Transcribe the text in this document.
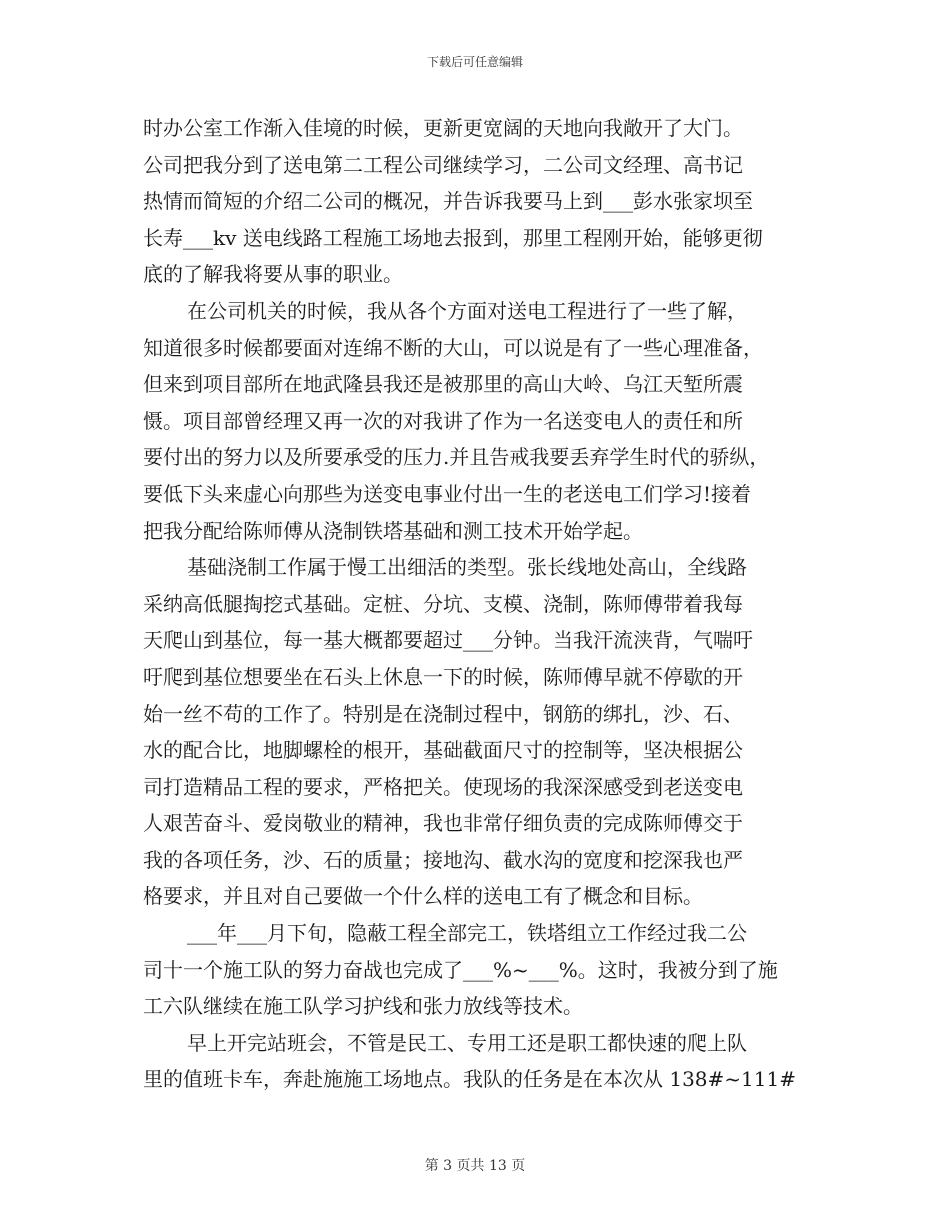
下载后可任意编辑
时办公室工作渐入佳境的时候，更新更宽阔的天地向我敞开了大门。
公司把我分到了送电第二工程公司继续学习，二公司文经理、高书记
热情而简短的介绍二公司的概况，并告诉我要马上到___彭水张家坝至
长寿___kv 送电线路工程施工场地去报到，那里工程刚开始，能够更彻
底的了解我将要从事的职业。
在公司机关的时候，我从各个方面对送电工程进行了一些了解，
知道很多时候都要面对连绵不断的大山，可以说是有了一些心理准备，
但来到项目部所在地武隆县我还是被那里的高山大岭、乌江天堑所震
慑。项目部曾经理又再一次的对我讲了作为一名送变电人的责任和所
要付出的努力以及所要承受的压力.并且告戒我要丢弃学生时代的骄纵，
要低下头来虚心向那些为送变电事业付出一生的老送电工们学习!接着
把我分配给陈师傅从浇制铁塔基础和测工技术开始学起。
基础浇制工作属于慢工出细活的类型。张长线地处高山，全线路
采纳高低腿掏挖式基础。定桩、分坑、支模、浇制，陈师傅带着我每
天爬山到基位，每一基大概都要超过___分钟。当我汗流浃背，气喘吁
吁爬到基位想要坐在石头上休息一下的时候，陈师傅早就不停歇的开
始一丝不苟的工作了。特别是在浇制过程中，钢筋的绑扎，沙、石、
水的配合比，地脚螺栓的根开，基础截面尺寸的控制等，坚决根据公
司打造精品工程的要求，严格把关。使现场的我深深感受到老送变电
人艰苦奋斗、爱岗敬业的精神，我也非常仔细负责的完成陈师傅交于
我的各项任务，沙、石的质量；接地沟、截水沟的宽度和挖深我也严
格要求，并且对自己要做一个什么样的送电工有了概念和目标。
___年___月下旬，隐蔽工程全部完工，铁塔组立工作经过我二公
司十一个施工队的努力奋战也完成了___%~___%。这时，我被分到了施
工六队继续在施工队学习护线和张力放线等技术。
早上开完站班会，不管是民工、专用工还是职工都快速的爬上队
里的值班卡车，奔赴施施工场地点。我队的任务是在本次从 138#~111#
第 3 页共 13 页
